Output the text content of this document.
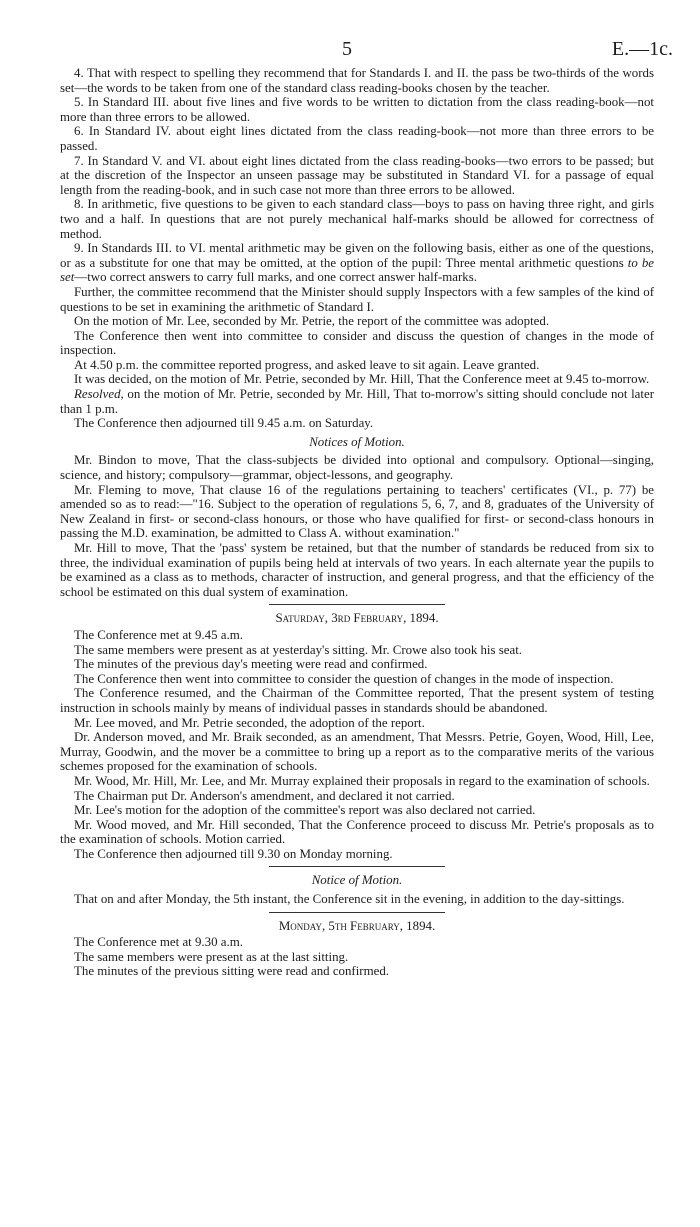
5	E.—1c.

4. That with respect to spelling they recommend that for Standards I. and II. the pass be two-thirds of the words set—the words to be taken from one of the standard class reading-books chosen by the teacher.

5. In Standard III. about five lines and five words to be written to dictation from the class reading-book—not more than three errors to be allowed.

6. In Standard IV. about eight lines dictated from the class reading-book—not more than three errors to be passed.

7. In Standard V. and VI. about eight lines dictated from the class reading-books—two errors to be passed; but at the discretion of the Inspector an unseen passage may be substituted in Standard VI. for a passage of equal length from the reading-book, and in such case not more than three errors to be allowed.

8. In arithmetic, five questions to be given to each standard class—boys to pass on having three right, and girls two and a half. In questions that are not purely mechanical half-marks should be allowed for correctness of method.

9. In Standards III. to VI. mental arithmetic may be given on the following basis, either as one of the questions, or as a substitute for one that may be omitted, at the option of the pupil: Three mental arithmetic questions to be set—two correct answers to carry full marks, and one correct answer half-marks.

Further, the committee recommend that the Minister should supply Inspectors with a few samples of the kind of questions to be set in examining the arithmetic of Standard I.

On the motion of Mr. Lee, seconded by Mr. Petrie, the report of the committee was adopted.

The Conference then went into committee to consider and discuss the question of changes in the mode of inspection.

At 4.50 p.m. the committee reported progress, and asked leave to sit again. Leave granted.

It was decided, on the motion of Mr. Petrie, seconded by Mr. Hill, That the Conference meet at 9.45 to-morrow.

Resolved, on the motion of Mr. Petrie, seconded by Mr. Hill, That to-morrow's sitting should conclude not later than 1 p.m.

The Conference then adjourned till 9.45 a.m. on Saturday.

Notices of Motion.

Mr. Bindon to move, That the class-subjects be divided into optional and compulsory. Optional—singing, science, and history; compulsory—grammar, object-lessons, and geography.

Mr. Fleming to move, That clause 16 of the regulations pertaining to teachers' certificates (VI., p. 77) be amended so as to read:—"16. Subject to the operation of regulations 5, 6, 7, and 8, graduates of the University of New Zealand in first- or second-class honours, or those who have qualified for first- or second-class honours in passing the M.D. examination, be admitted to Class A. without examination."

Mr. Hill to move, That the 'pass' system be retained, but that the number of standards be reduced from six to three, the individual examination of pupils being held at intervals of two years. In each alternate year the pupils to be examined as a class as to methods, character of instruction, and general progress, and that the efficiency of the school be estimated on this dual system of examination.

Saturday, 3rd February, 1894.

The Conference met at 9.45 a.m.

The same members were present as at yesterday's sitting. Mr. Crowe also took his seat.

The minutes of the previous day's meeting were read and confirmed.

The Conference then went into committee to consider the question of changes in the mode of inspection.

The Conference resumed, and the Chairman of the Committee reported, That the present system of testing instruction in schools mainly by means of individual passes in standards should be abandoned.

Mr. Lee moved, and Mr. Petrie seconded, the adoption of the report.

Dr. Anderson moved, and Mr. Braik seconded, as an amendment, That Messrs. Petrie, Goyen, Wood, Hill, Lee, Murray, Goodwin, and the mover be a committee to bring up a report as to the comparative merits of the various schemes proposed for the examination of schools.

Mr. Wood, Mr. Hill, Mr. Lee, and Mr. Murray explained their proposals in regard to the examination of schools.

The Chairman put Dr. Anderson's amendment, and declared it not carried.

Mr. Lee's motion for the adoption of the committee's report was also declared not carried.

Mr. Wood moved, and Mr. Hill seconded, That the Conference proceed to discuss Mr. Petrie's proposals as to the examination of schools. Motion carried.

The Conference then adjourned till 9.30 on Monday morning.

Notice of Motion.

That on and after Monday, the 5th instant, the Conference sit in the evening, in addition to the day-sittings.

Monday, 5th February, 1894.

The Conference met at 9.30 a.m.

The same members were present as at the last sitting.

The minutes of the previous sitting were read and confirmed.
